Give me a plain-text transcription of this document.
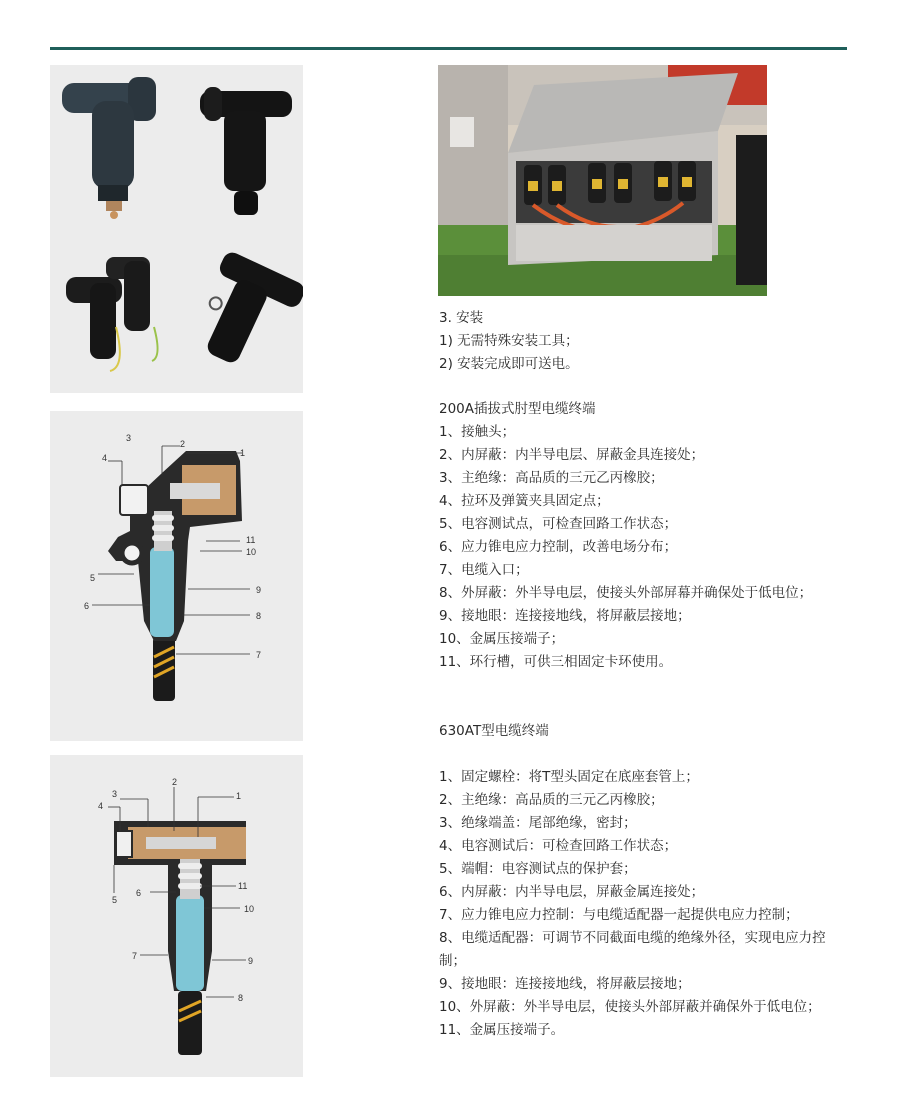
3. 安装
1) 无需特殊安装工具；
2) 安装完成即可送电。
1
2
3
4
5
6
7
8
9
10
11
200A插拔式肘型电缆终端
1、接触头；
2、内屏蔽：内半导电层、屏蔽金具连接处；
3、主绝缘：高品质的三元乙丙橡胶；
4、拉环及弹簧夹具固定点；
5、电容测试点，可检查回路工作状态；
6、应力锥电应力控制，改善电场分布；
7、电缆入口；
8、外屏蔽：外半导电层，使接头外部屏幕并确保处于低电位；
9、接地眼：连接接地线，将屏蔽层接地；
10、金属压接端子；
11、环行槽，可供三相固定卡环使用。
1
2
3
4
5
6
7
8
9
10
11
630AT型电缆终端
1、固定螺栓：将T型头固定在底座套管上；
2、主绝缘：高品质的三元乙丙橡胶；
3、绝缘端盖：尾部绝缘，密封；
4、电容测试后：可检查回路工作状态；
5、端帽：电容测试点的保护套；
6、内屏蔽：内半导电层，屏蔽金属连接处；
7、应力锥电应力控制：与电缆适配器一起提供电应力控制；
8、电缆适配器：可调节不同截面电缆的绝缘外径，实现电应力控制；
9、接地眼：连接接地线，将屏蔽层接地；
10、外屏蔽：外半导电层，使接头外部屏蔽并确保外于低电位；
11、金属压接端子。
